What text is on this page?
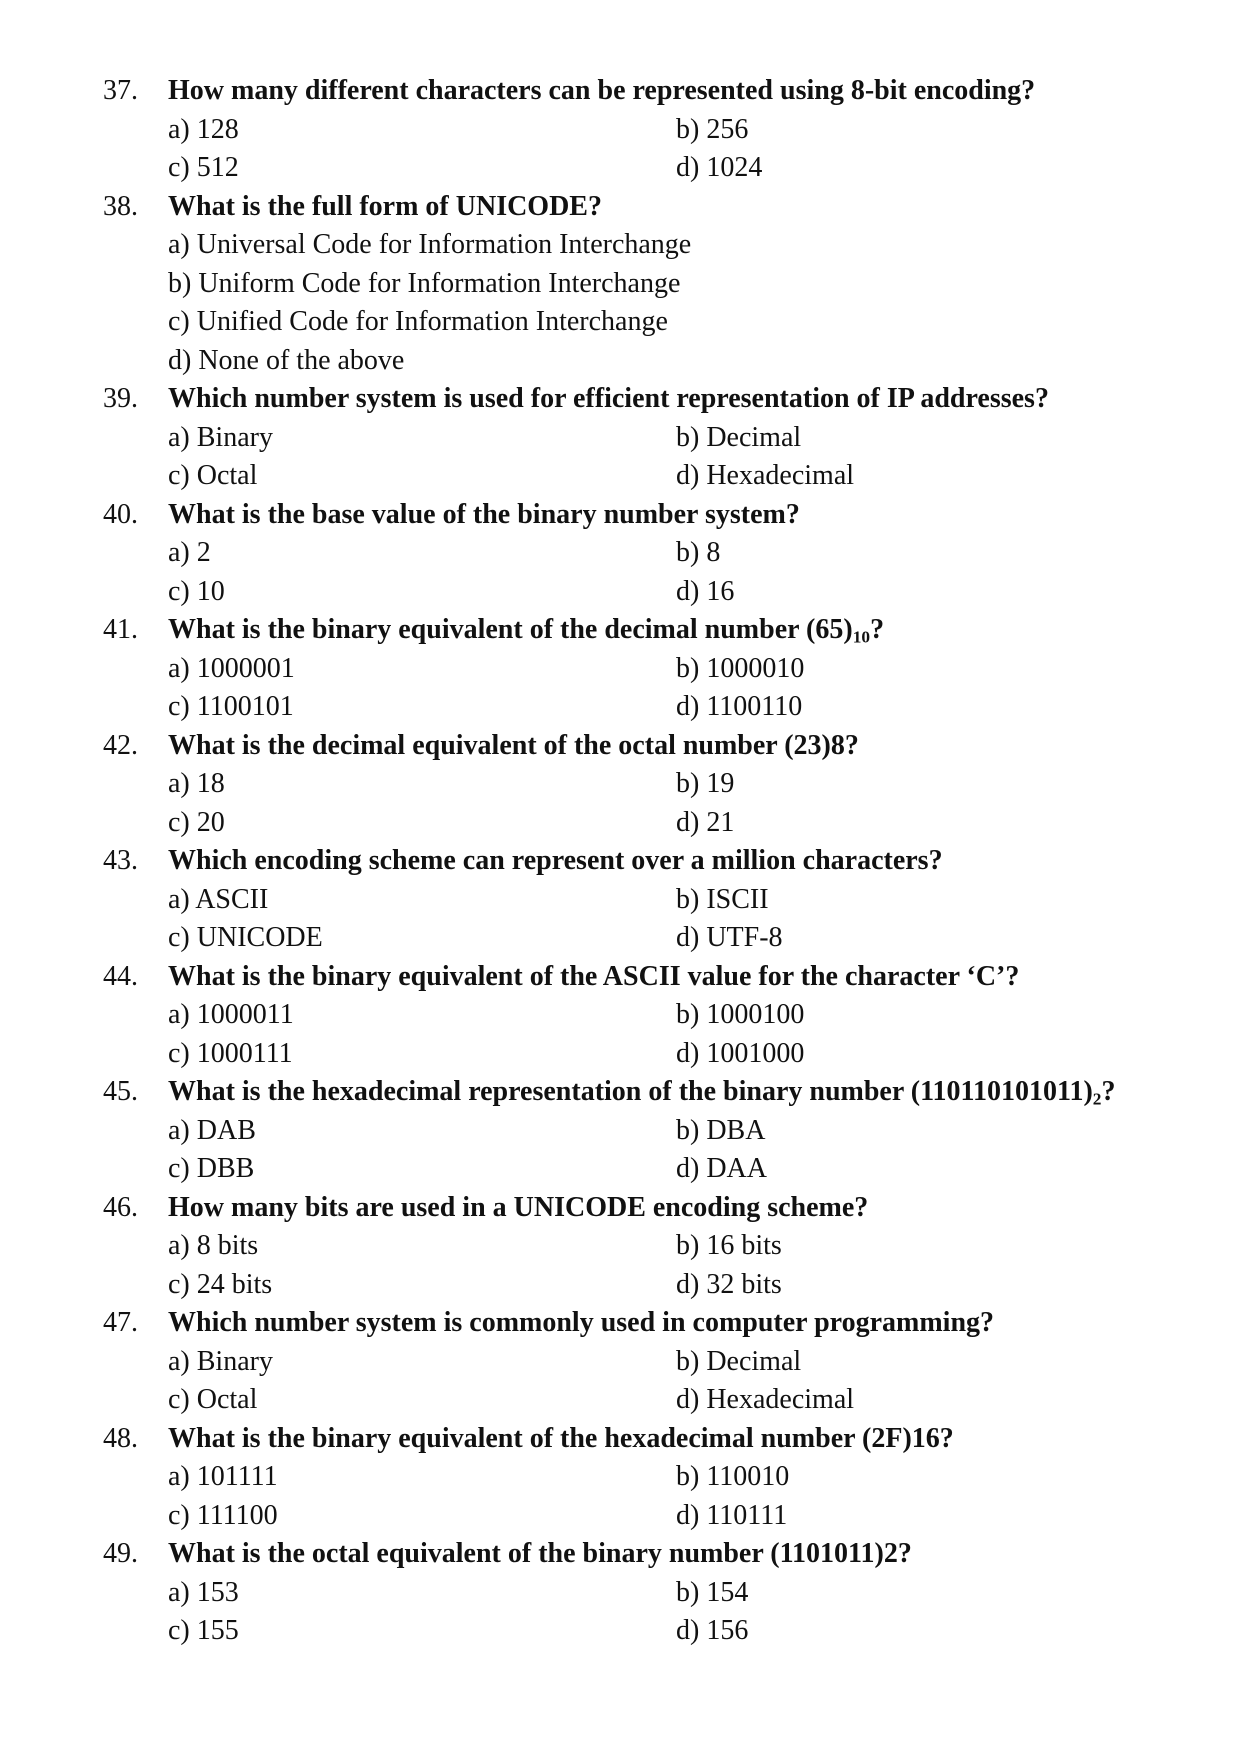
37.	How many different characters can be represented using 8-bit encoding?
a) 128	b) 256
c) 512	d) 1024
38.	What is the full form of UNICODE?
a) Universal Code for Information Interchange
b) Uniform Code for Information Interchange
c) Unified Code for Information Interchange
d) None of the above
39.	Which number system is used for efficient representation of IP addresses?
a) Binary	b) Decimal
c) Octal	d) Hexadecimal
40.	What is the base value of the binary number system?
a) 2	b) 8
c) 10	d) 16
41.	What is the binary equivalent of the decimal number $(65)_{10}$?
a) 1000001	b) 1000010
c) 1100101	d) 1100110
42.	What is the decimal equivalent of the octal number (23)8?
a) 18	b) 19
c) 20	d) 21
43.	Which encoding scheme can represent over a million characters?
a) ASCII	b) ISCII
c) UNICODE	d) UTF-8
44.	What is the binary equivalent of the ASCII value for the character ‘C’?
a) 1000011	b) 1000100
c) 1000111	d) 1001000
45.	What is the hexadecimal representation of the binary number $(110110101011)_2$?
a) DAB	b) DBA
c) DBB	d) DAA
46.	How many bits are used in a UNICODE encoding scheme?
a) 8 bits	b) 16 bits
c) 24 bits	d) 32 bits
47.	Which number system is commonly used in computer programming?
a) Binary	b) Decimal
c) Octal	d) Hexadecimal
48.	What is the binary equivalent of the hexadecimal number (2F)16?
a) 101111	b) 110010
c) 111100	d) 110111
49.	What is the octal equivalent of the binary number (1101011)2?
a) 153	b) 154
c) 155	d) 156
